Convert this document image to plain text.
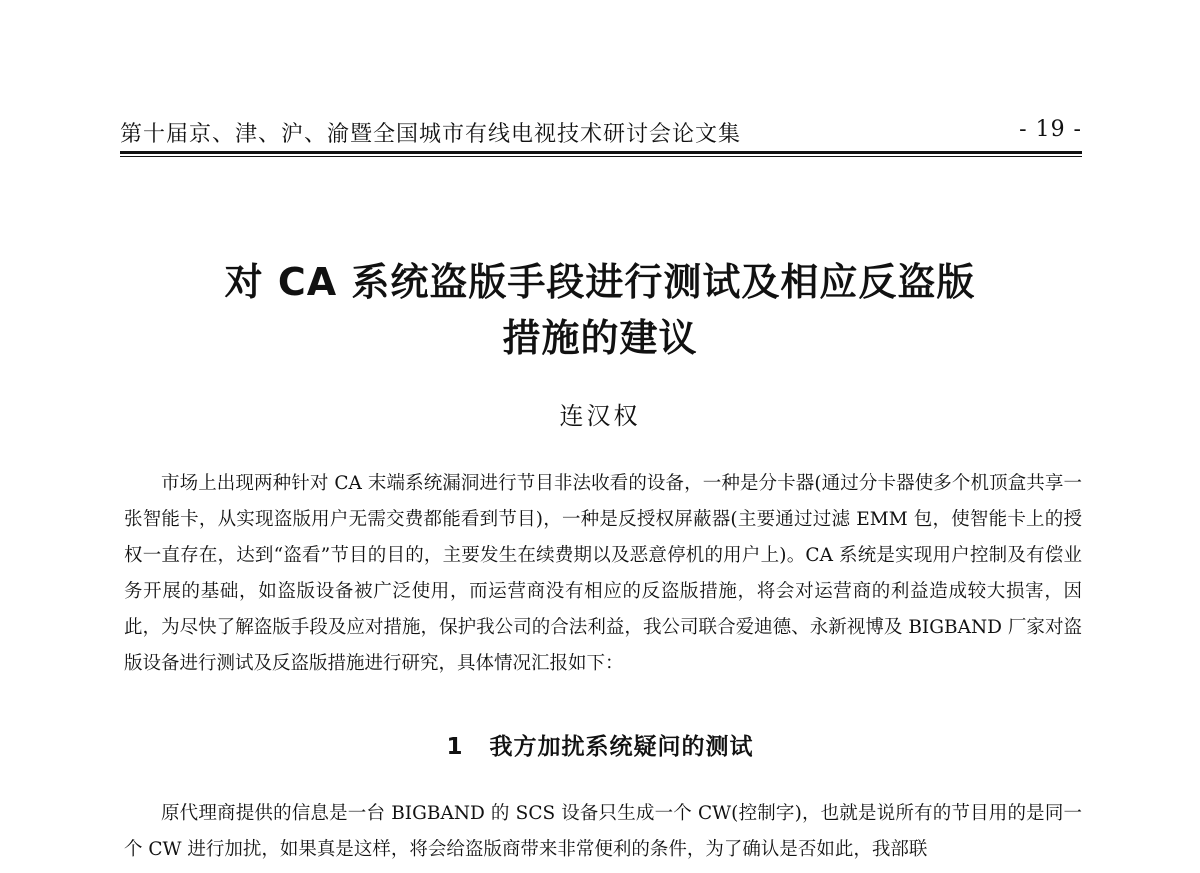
第十届京、津、沪、渝暨全国城市有线电视技术研讨会论文集	- 19 -
对 CA 系统盗版手段进行测试及相应反盗版
措施的建议
连汉权

市场上出现两种针对 CA 末端系统漏洞进行节目非法收看的设备，一种是分卡器(通过分卡器使多个机顶盒共享一张智能卡，从实现盗版用户无需交费都能看到节目)，一种是反授权屏蔽器(主要通过过滤 EMM 包，使智能卡上的授权一直存在，达到“盗看”节目的目的，主要发生在续费期以及恶意停机的用户上)。CA 系统是实现用户控制及有偿业务开展的基础，如盗版设备被广泛使用，而运营商没有相应的反盗版措施，将会对运营商的利益造成较大损害，因此，为尽快了解盗版手段及应对措施，保护我公司的合法利益，我公司联合爱迪德、永新视博及 BIGBAND 厂家对盗版设备进行测试及反盗版措施进行研究，具体情况汇报如下：

1 我方加扰系统疑问的测试

原代理商提供的信息是一台 BIGBAND 的 SCS 设备只生成一个 CW(控制字)，也就是说所有的节目用的是同一个 CW 进行加扰，如果真是这样，将会给盗版商带来非常便利的条件，为了确认是否如此，我部联
